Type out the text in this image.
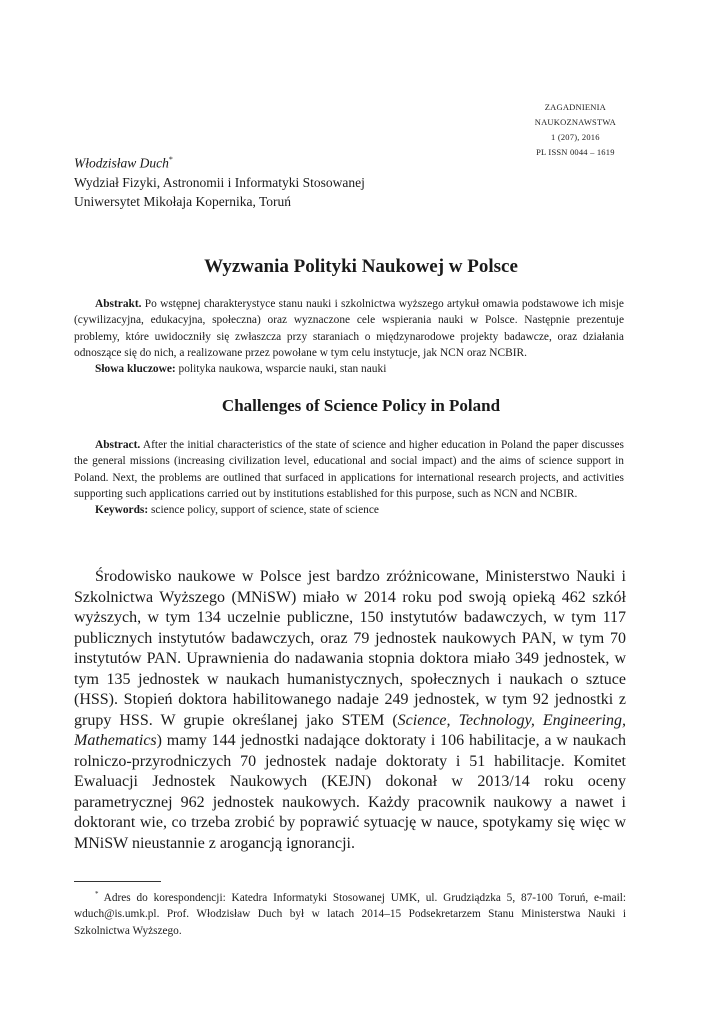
ZAGADNIENIA
NAUKOZNAWSTWA
1 (207), 2016
PL ISSN 0044 – 1619
Włodzisław Duch*
Wydział Fizyki, Astronomii i Informatyki Stosowanej
Uniwersytet Mikołaja Kopernika, Toruń
Wyzwania Polityki Naukowej w Polsce
Abstrakt. Po wstępnej charakterystyce stanu nauki i szkolnictwa wyższego artykuł omawia podstawowe ich misje (cywilizacyjna, edukacyjna, społeczna) oraz wyznaczone cele wspierania nauki w Polsce. Następnie prezentuje problemy, które uwidoczniły się zwłaszcza przy staraniach o międzynarodowe projekty badawcze, oraz działania odnoszące się do nich, a realizowane przez powołane w tym celu instytucje, jak NCN oraz NCBIR.
Słowa kluczowe: polityka naukowa, wsparcie nauki, stan nauki
Challenges of Science Policy in Poland
Abstract. After the initial characteristics of the state of science and higher education in Poland the paper discusses the general missions (increasing civilization level, educational and social impact) and the aims of science support in Poland. Next, the problems are outlined that surfaced in applications for international research projects, and activities supporting such applications carried out by institutions established for this purpose, such as NCN and NCBIR.
Keywords: science policy, support of science, state of science
Środowisko naukowe w Polsce jest bardzo zróżnicowane, Ministerstwo Nauki i Szkolnictwa Wyższego (MNiSW) miało w 2014 roku pod swoją opieką 462 szkół wyższych, w tym 134 uczelnie publiczne, 150 instytutów badawczych, w tym 117 publicznych instytutów badawczych, oraz 79 jednostek naukowych PAN, w tym 70 instytutów PAN. Uprawnienia do nadawania stopnia doktora miało 349 jednostek, w tym 135 jednostek w naukach humanistycznych, społecznych i naukach o sztuce (HSS). Stopień doktora habilitowanego nadaje 249 jednostek, w tym 92 jednostki z grupy HSS. W grupie określanej jako STEM (Science, Technology, Engineering, Mathematics) mamy 144 jednostki nadające doktoraty i 106 habilitacje, a w naukach rolniczo-przyrodniczych 70 jednostek nadaje doktoraty i 51 habilitacje. Komitet Ewaluacji Jednostek Naukowych (KEJN) dokonał w 2013/14 roku oceny parametrycznej 962 jednostek naukowych. Każdy pracownik naukowy a nawet i doktorant wie, co trzeba zrobić by poprawić sytuację w nauce, spotykamy się więc w MNiSW nieustannie z arogancją ignorancji.
* Adres do korespondencji: Katedra Informatyki Stosowanej UMK, ul. Grudziądzka 5, 87-100 Toruń, e-mail: wduch@is.umk.pl. Prof. Włodzisław Duch był w latach 2014–15 Podsekretarzem Stanu Ministerstwa Nauki i Szkolnictwa Wyższego.
